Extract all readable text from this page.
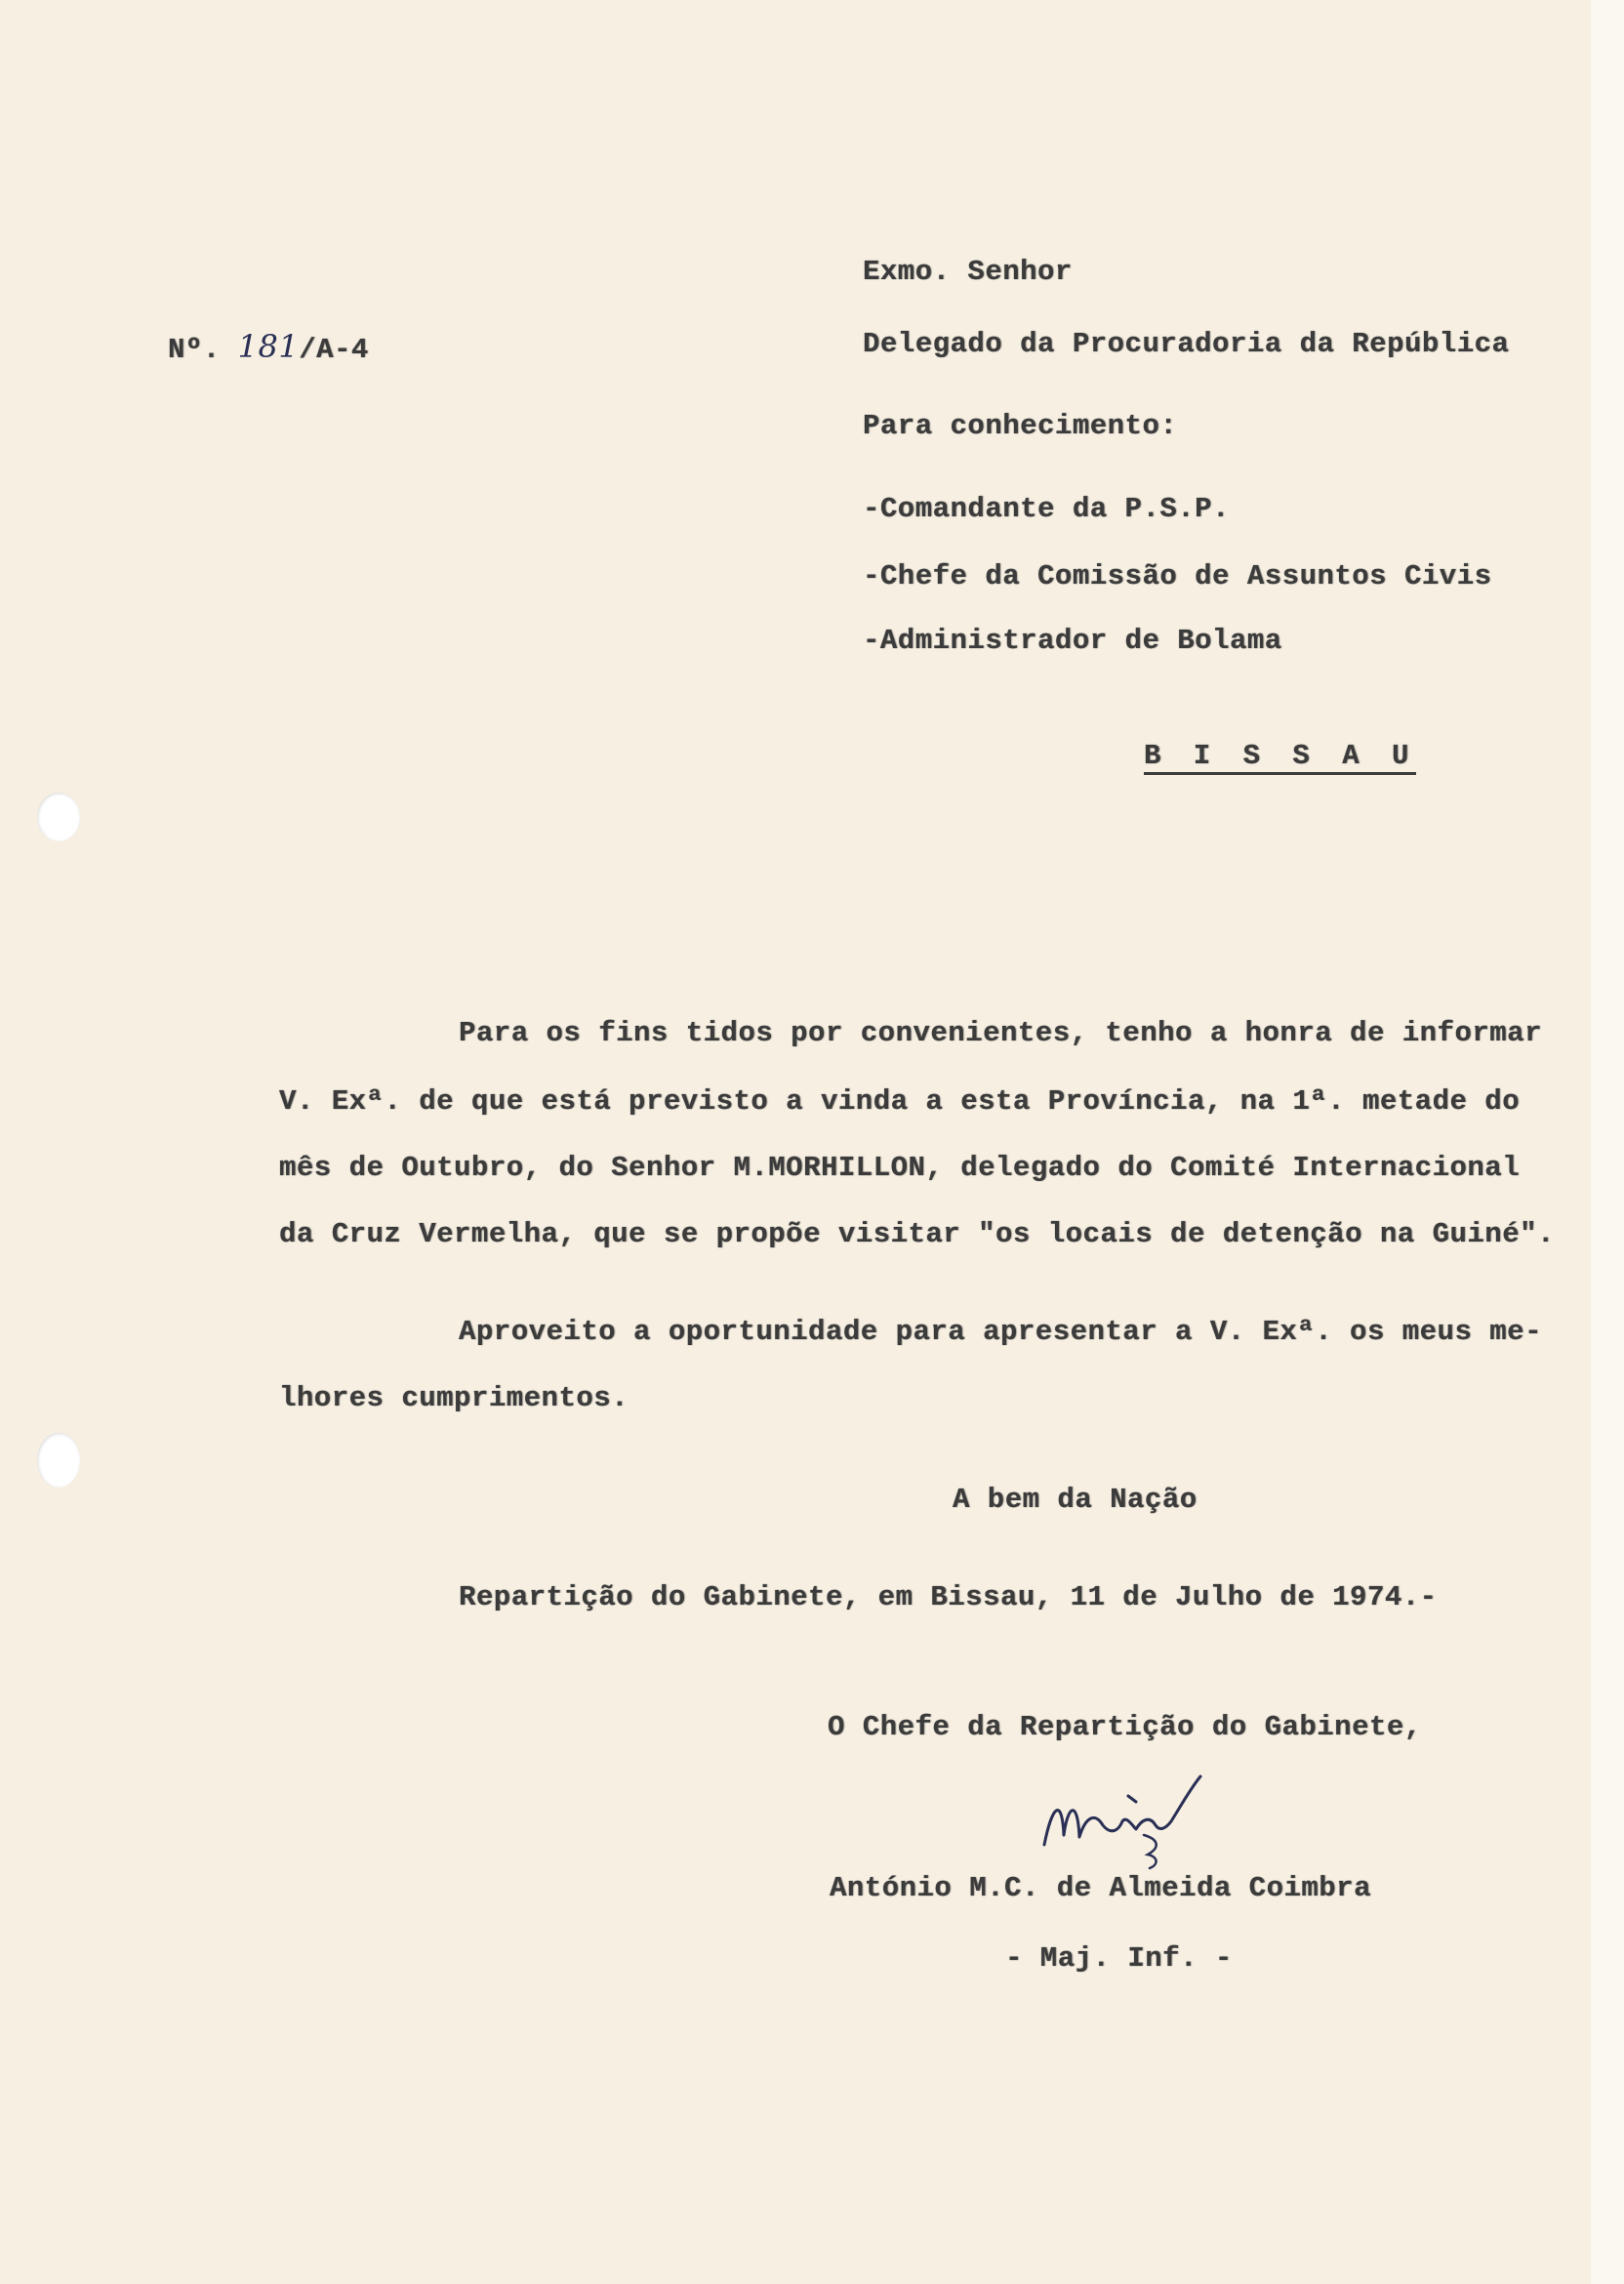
Nº. 181/A-4
Exmo. Senhor
Delegado da Procuradoria da República
Para conhecimento:
-Comandante da P.S.P.
-Chefe da Comissão de Assuntos Civis
-Administrador de Bolama
B I S S A U
Para os fins tidos por convenientes, tenho a honra de informar
V. Exª. de que está previsto a vinda a esta Província, na 1ª. metade do
mês de Outubro, do Senhor M.MORHILLON, delegado do Comité Internacional
da Cruz Vermelha, que se propõe visitar "os locais de detenção na Guiné".
Aproveito a oportunidade para apresentar a V. Exª. os meus me-
lhores cumprimentos.
A bem da Nação
Repartição do Gabinete, em Bissau, 11 de Julho de 1974.-
O Chefe da Repartição do Gabinete,
António M.C. de Almeida Coimbra
- Maj. Inf. -
